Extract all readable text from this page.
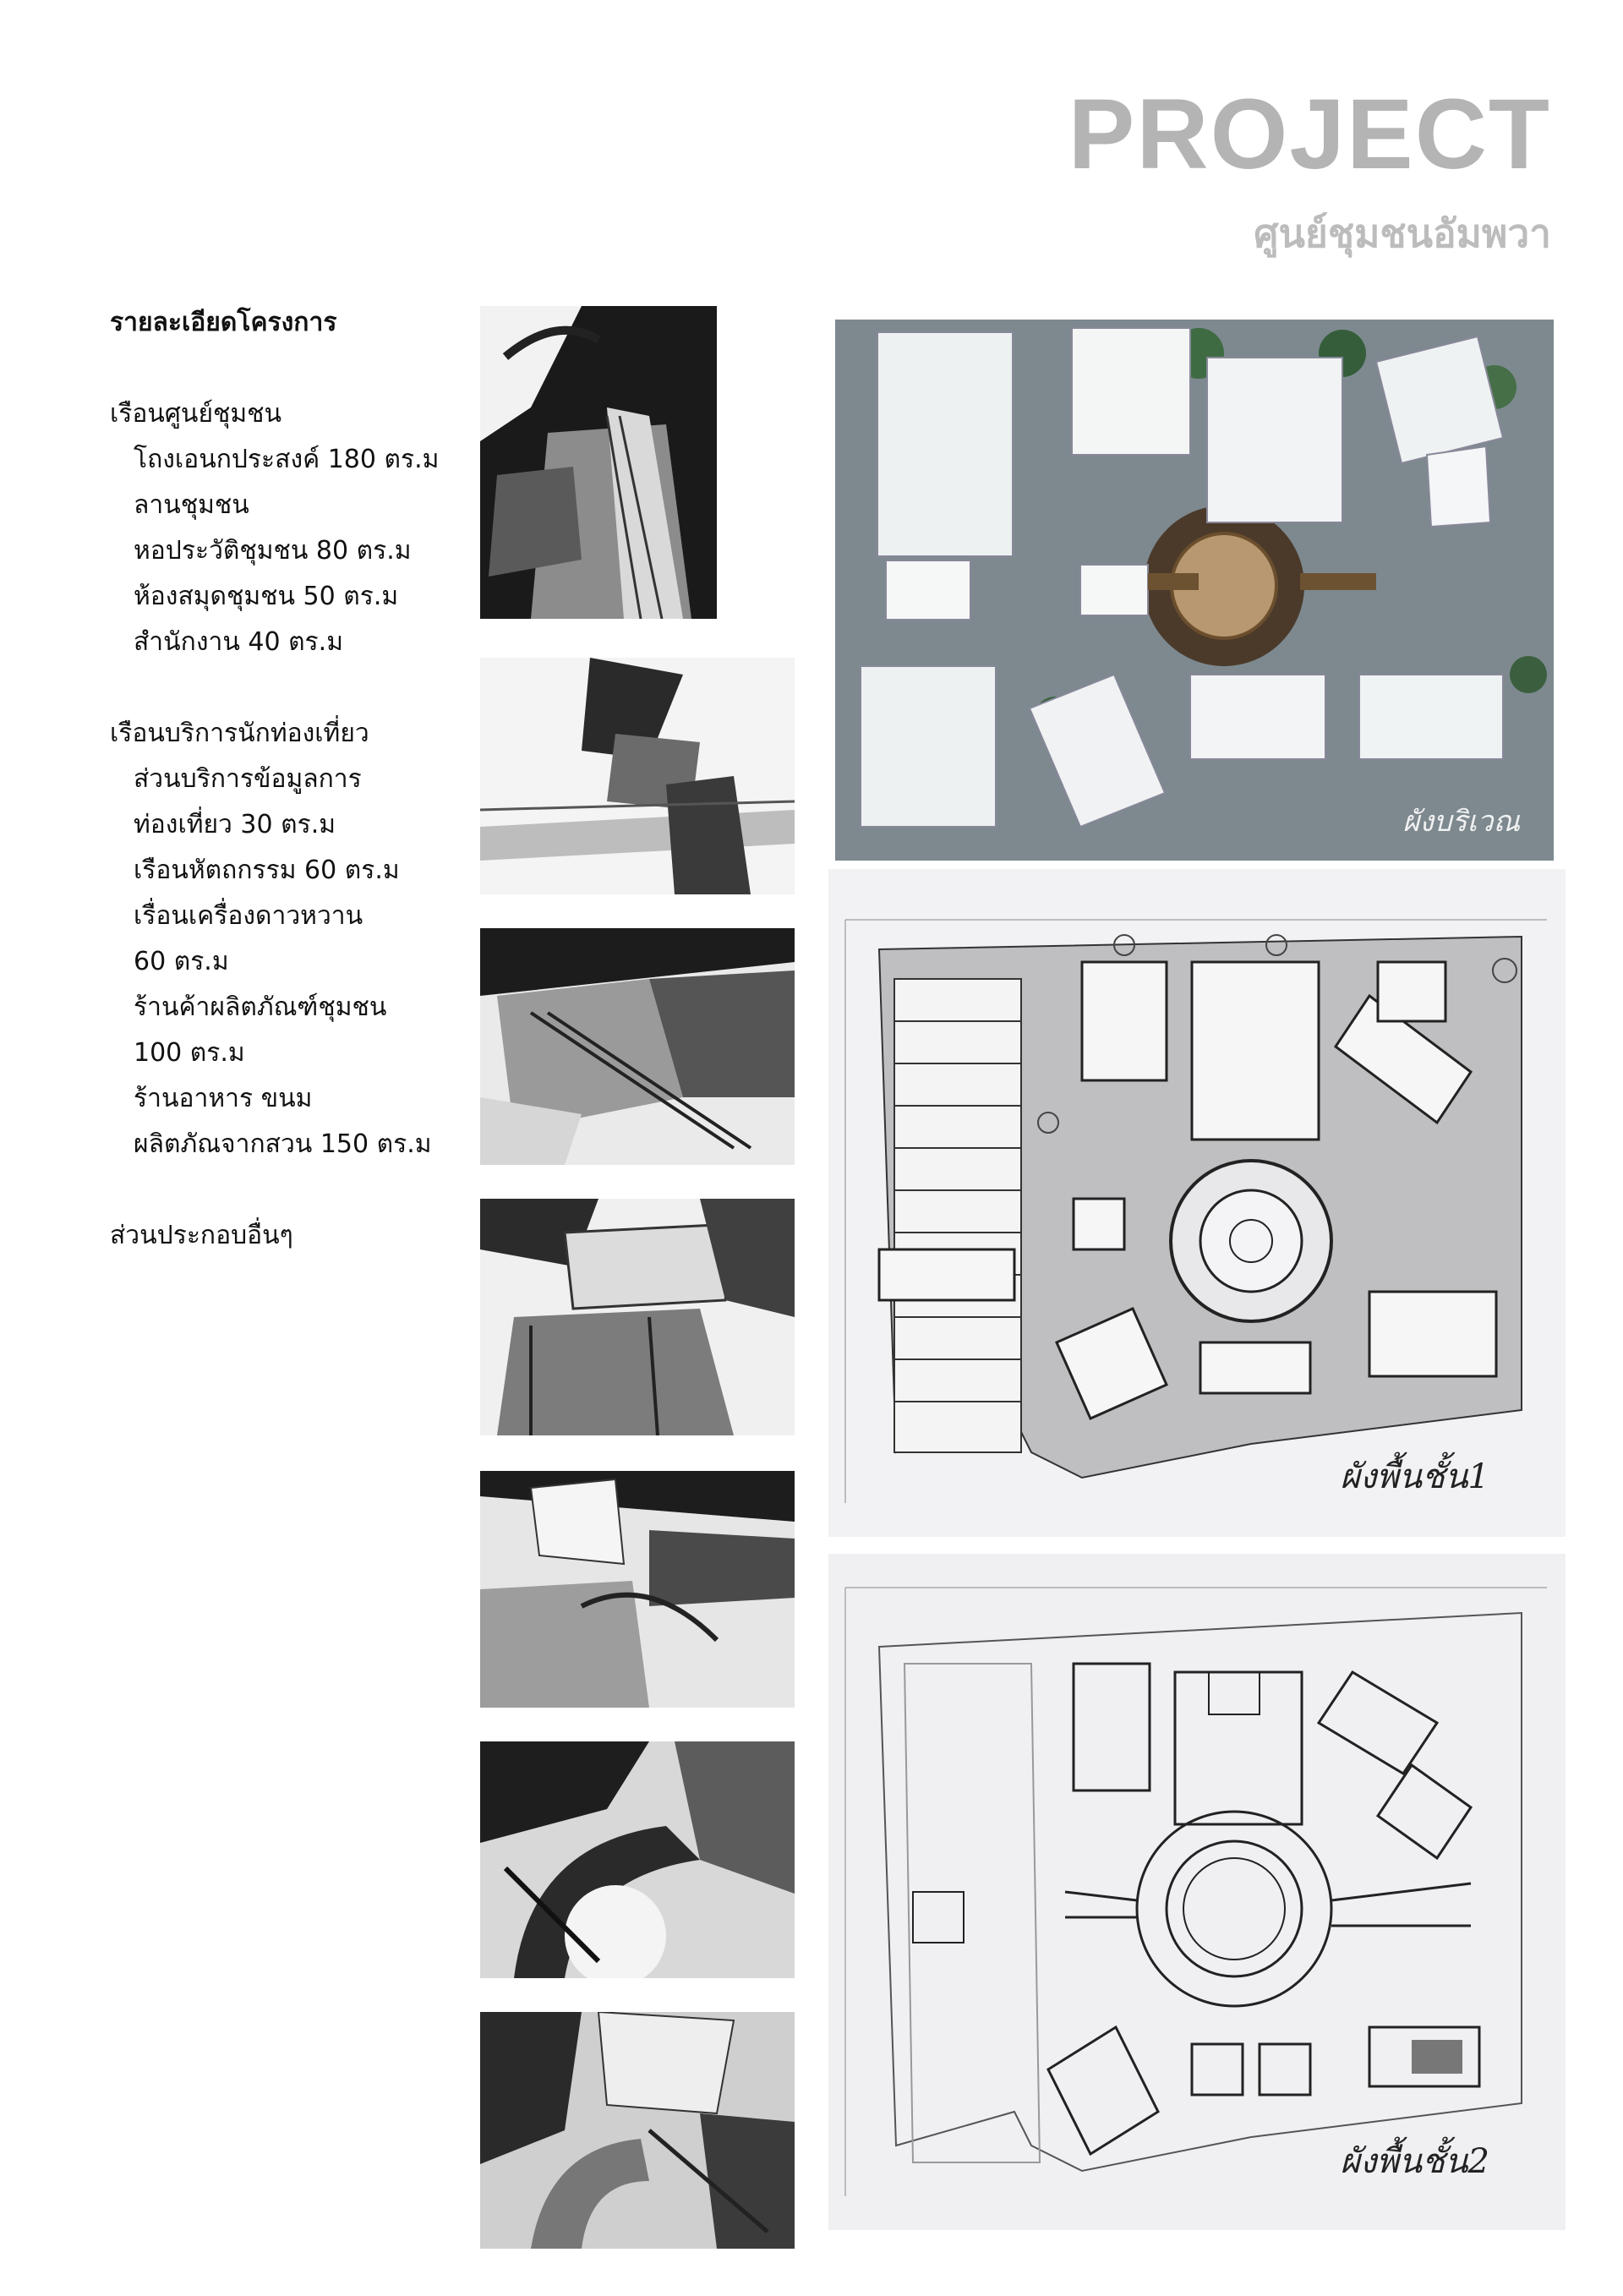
PROJECT
ศูนย์ชุมชนอัมพวา
รายละเอียดโครงการ
เรือนศูนย์ชุมชน
โถงเอนกประสงค์ 180 ตร.ม
ลานชุมชน
หอประวัติชุมชน 80 ตร.ม
ห้องสมุดชุมชน 50 ตร.ม
สำนักงาน 40 ตร.ม
เรือนบริการนักท่องเที่ยว
ส่วนบริการข้อมูลการ
ท่องเที่ยว 30 ตร.ม
เรือนหัตถกรรม 60 ตร.ม
เรื่อนเครื่องดาวหวาน
60 ตร.ม
ร้านค้าผลิตภัณฑ์ชุมชน
100 ตร.ม
ร้านอาหาร ขนม
ผลิตภัณจากสวน 150 ตร.ม
ส่วนประกอบอื่นๆ
ผังบริเวณ
ผังพื้นชั้น1
ผังพื้นชั้น2
